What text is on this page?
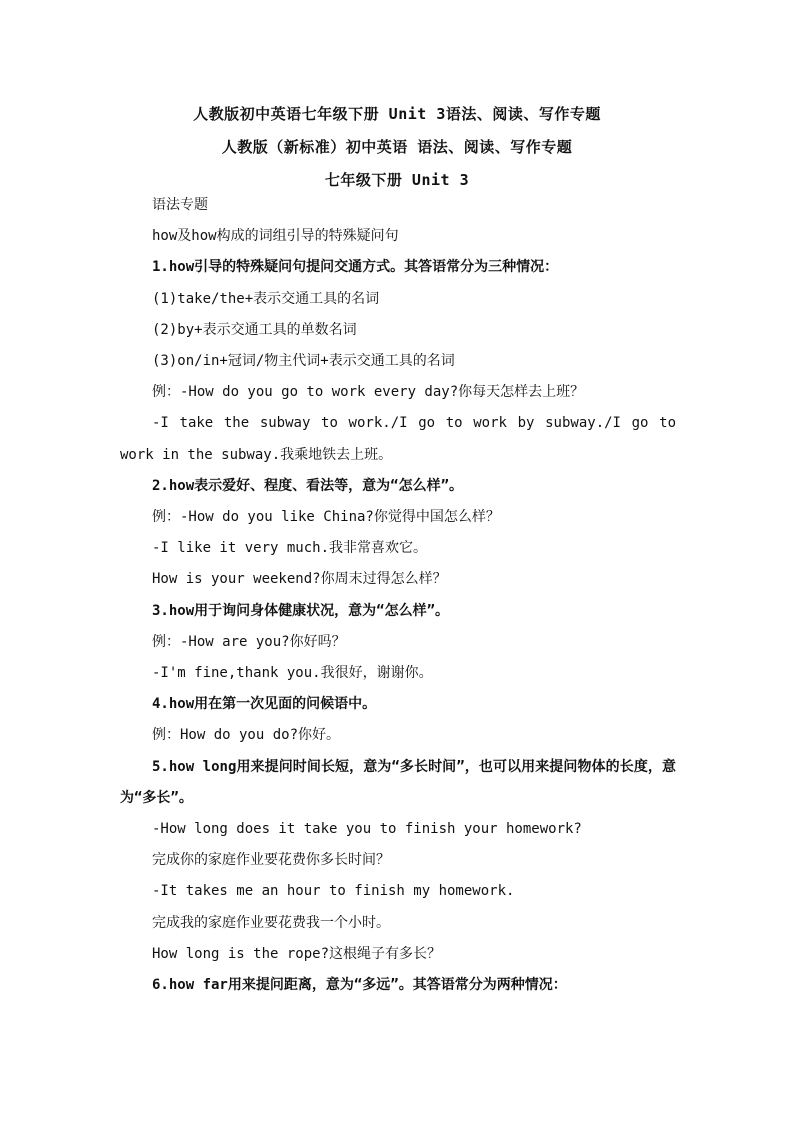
人教版初中英语七年级下册 Unit 3语法、阅读、写作专题
人教版（新标准）初中英语 语法、阅读、写作专题
七年级下册 Unit 3
语法专题
how及how构成的词组引导的特殊疑问句
1.how引导的特殊疑问句提问交通方式。其答语常分为三种情况：
(1)take/the+表示交通工具的名词
(2)by+表示交通工具的单数名词
(3)on/in+冠词/物主代词+表示交通工具的名词
例：-How do you go to work every day?你每天怎样去上班？
-I take the subway to work./I go to work by subway./I go to work in the subway.我乘地铁去上班。
2.how表示爱好、程度、看法等，意为“怎么样”。
例：-How do you like China?你觉得中国怎么样？
-I like it very much.我非常喜欢它。
How is your weekend?你周末过得怎么样？
3.how用于询问身体健康状况，意为“怎么样”。
例：-How are you?你好吗？
-I'm fine,thank you.我很好，谢谢你。
4.how用在第一次见面的问候语中。
例：How do you do?你好。
5.how long用来提问时间长短，意为“多长时间”，也可以用来提问物体的长度，意为“多长”。
-How long does it take you to finish your homework?
完成你的家庭作业要花费你多长时间？
-It takes me an hour to finish my homework.
完成我的家庭作业要花费我一个小时。
How long is the rope?这根绳子有多长？
6.how far用来提问距离，意为“多远”。其答语常分为两种情况：
